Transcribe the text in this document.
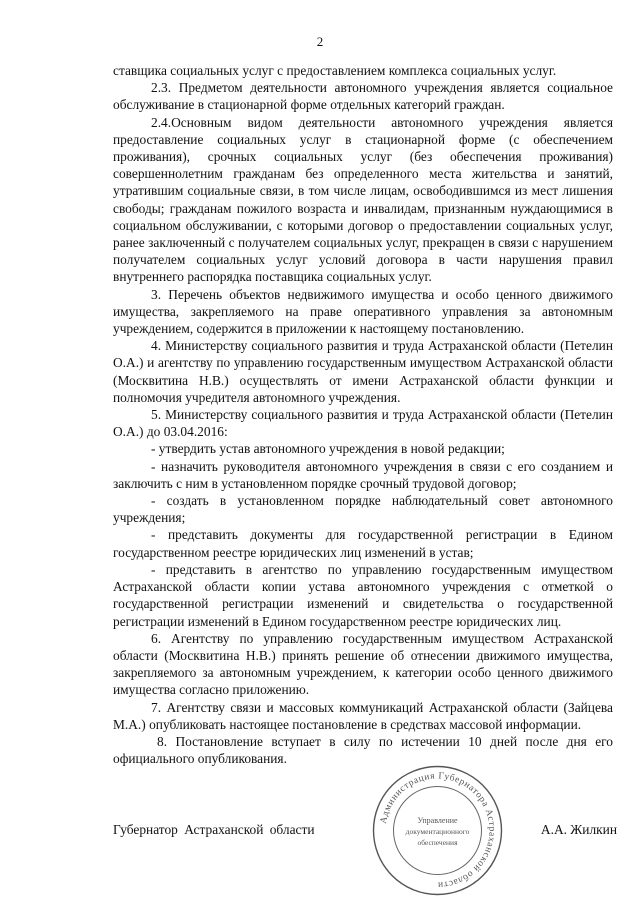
2

ставщика социальных услуг с предоставлением комплекса социальных услуг.

2.3. Предметом деятельности автономного учреждения является социальное обслуживание в стационарной форме отдельных категорий граждан.

2.4.Основным видом деятельности автономного учреждения является предоставление социальных услуг в стационарной форме (с обеспечением проживания), срочных социальных услуг (без обеспечения проживания) совершеннолетним гражданам без определенного места жительства и занятий, утратившим социальные связи, в том числе лицам, освободившимся из мест лишения свободы; гражданам пожилого возраста и инвалидам, признанным нуждающимися в социальном обслуживании, с которыми договор о предоставлении социальных услуг, ранее заключенный с получателем социальных услуг, прекращен в связи с нарушением получателем социальных услуг условий договора в части нарушения правил внутреннего распорядка поставщика социальных услуг.

3. Перечень объектов недвижимого имущества и особо ценного движимого имущества, закрепляемого на праве оперативного управления за автономным учреждением, содержится в приложении к настоящему постановлению.

4. Министерству социального развития и труда Астраханской области (Петелин О.А.) и агентству по управлению государственным имуществом Астраханской области (Москвитина Н.В.) осуществлять от имени Астраханской области функции и полномочия учредителя автономного учреждения.

5. Министерству социального развития и труда Астраханской области (Петелин О.А.) до 03.04.2016:

- утвердить устав автономного учреждения в новой редакции;

- назначить руководителя автономного учреждения в связи с его созданием и заключить с ним в установленном порядке срочный трудовой договор;

- создать в установленном порядке наблюдательный совет автономного учреждения;

- представить документы для государственной регистрации в Едином государственном реестре юридических лиц изменений в устав;

- представить в агентство по управлению государственным имуществом Астраханской области копии устава автономного учреждения с отметкой о государственной регистрации изменений и свидетельства о государственной регистрации изменений в Едином государственном реестре юридических лиц.

6. Агентству по управлению государственным имуществом Астраханской области (Москвитина Н.В.) принять решение об отнесении движимого имущества, закрепляемого за автономным учреждением, к категории особо ценного движимого имущества согласно приложению.

7. Агентству связи и массовых коммуникаций Астраханской области (Зайцева М.А.) опубликовать настоящее постановление в средствах массовой информации.

8. Постановление вступает в силу по истечении 10 дней после дня его официального опубликования.

Губернатор Астраханской области	А.А. Жилкин
Администрация Губернатора Астраханской области
Управление
документационного
обеспечения
